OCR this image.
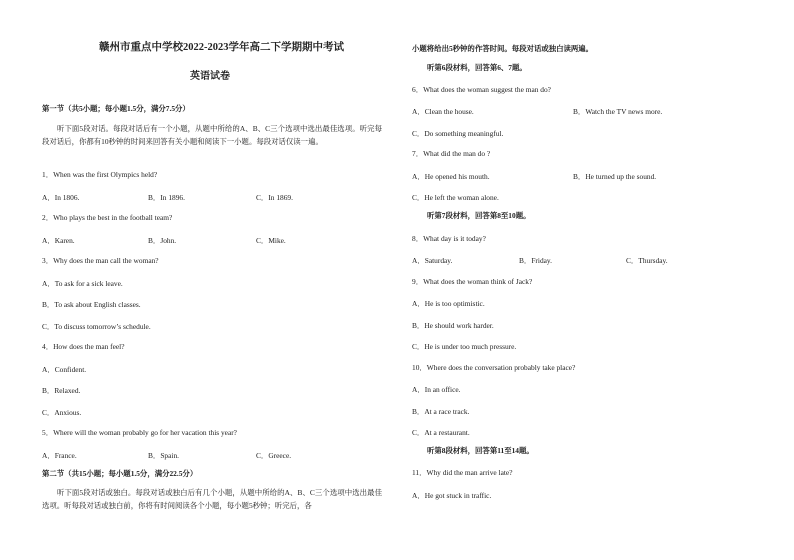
赣州市重点中学校2022-2023学年高二下学期期中考试
英语试卷
第一节（共5小题；每小题1.5分，满分7.5分）
听下面5段对话。每段对话后有一个小题，从题中所给的A、B、C三个选项中选出最佳选项。听完每段对话后，你都有10秒钟的时间来回答有关小题和阅读下一小题。每段对话仅读一遍。
1．When was the first Olympics held?
A．In 1806.	B．In 1896.	C．In 1869.
2．Who plays the best in the football team?
A．Karen.	B．John.	C．Mike.
3．Why does the man call the woman?
A．To ask for a sick leave.
B．To ask about English classes.
C．To discuss tomorrow’s schedule.
4．How does the man feel?
A．Confident.
B．Relaxed.
C．Anxious.
5．Where will the woman probably go for her vacation this year?
A．France.	B．Spain.	C．Greece.
第二节（共15小题；每小题1.5分，满分22.5分）
听下面5段对话或独白。每段对话或独白后有几个小题，从题中所给的A、B、C三个选项中选出最佳选项。听每段对话或独白前，你将有时间阅读各个小题，每小题5秒钟；听完后，各
小题将给出5秒钟的作答时间。每段对话或独白读两遍。
听第6段材料，回答第6、7题。
6．What does the woman suggest the man do?
A．Clean the house.	B．Watch the TV news more.
C．Do something meaningful.
7．What did the man do ?
A．He opened his mouth.	B．He turned up the sound.
C．He left the woman alone.
听第7段材料，回答第8至10题。
8．What day is it today?
A．Saturday.	B．Friday.	C．Thursday.
9．What does the woman think of Jack?
A．He is too optimistic.
B．He should work harder.
C．He is under too much pressure.
10．Where does the conversation probably take place?
A．In an office.
B．At a race track.
C．At a restaurant.
听第8段材料，回答第11至14题。
11．Why did the man arrive late?
A．He got stuck in traffic.
